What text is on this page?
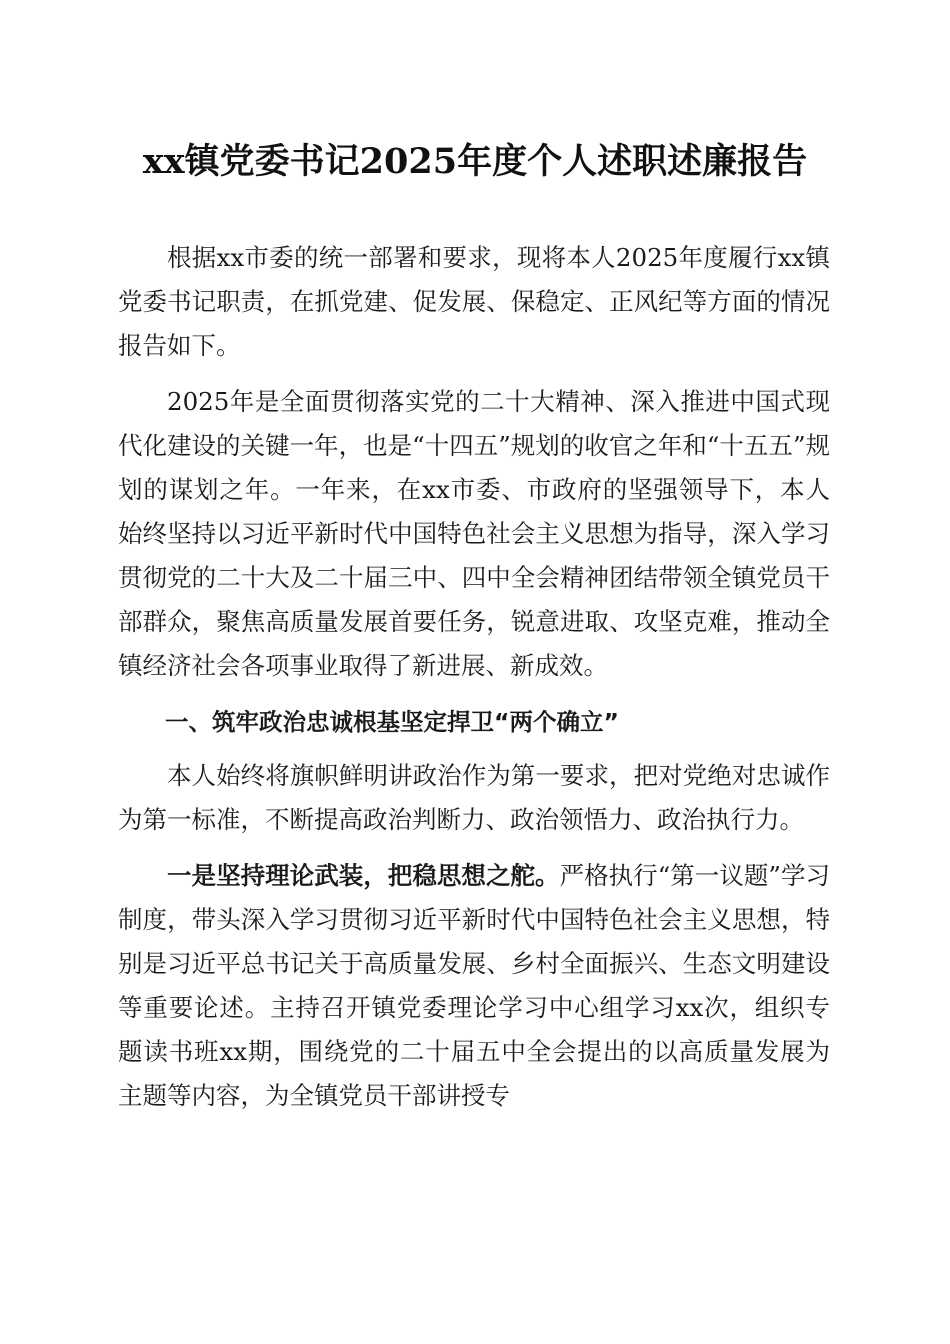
xx镇党委书记2025年度个人述职述廉报告

根据xx市委的统一部署和要求，现将本人2025年度履行xx镇党委书记职责，在抓党建、促发展、保稳定、正风纪等方面的情况报告如下。

2025年是全面贯彻落实党的二十大精神、深入推进中国式现代化建设的关键一年，也是“十四五”规划的收官之年和“十五五”规划的谋划之年。一年来，在xx市委、市政府的坚强领导下，本人始终坚持以习近平新时代中国特色社会主义思想为指导，深入学习贯彻党的二十大及二十届三中、四中全会精神团结带领全镇党员干部群众，聚焦高质量发展首要任务，锐意进取、攻坚克难，推动全镇经济社会各项事业取得了新进展、新成效。

一、筑牢政治忠诚根基坚定捍卫“两个确立”

本人始终将旗帜鲜明讲政治作为第一要求，把对党绝对忠诚作为第一标准，不断提高政治判断力、政治领悟力、政治执行力。

一是坚持理论武装，把稳思想之舵。严格执行“第一议题”学习制度，带头深入学习贯彻习近平新时代中国特色社会主义思想，特别是习近平总书记关于高质量发展、乡村全面振兴、生态文明建设等重要论述。主持召开镇党委理论学习中心组学习xx次，组织专题读书班xx期，围绕党的二十届五中全会提出的以高质量发展为主题等内容，为全镇党员干部讲授专
